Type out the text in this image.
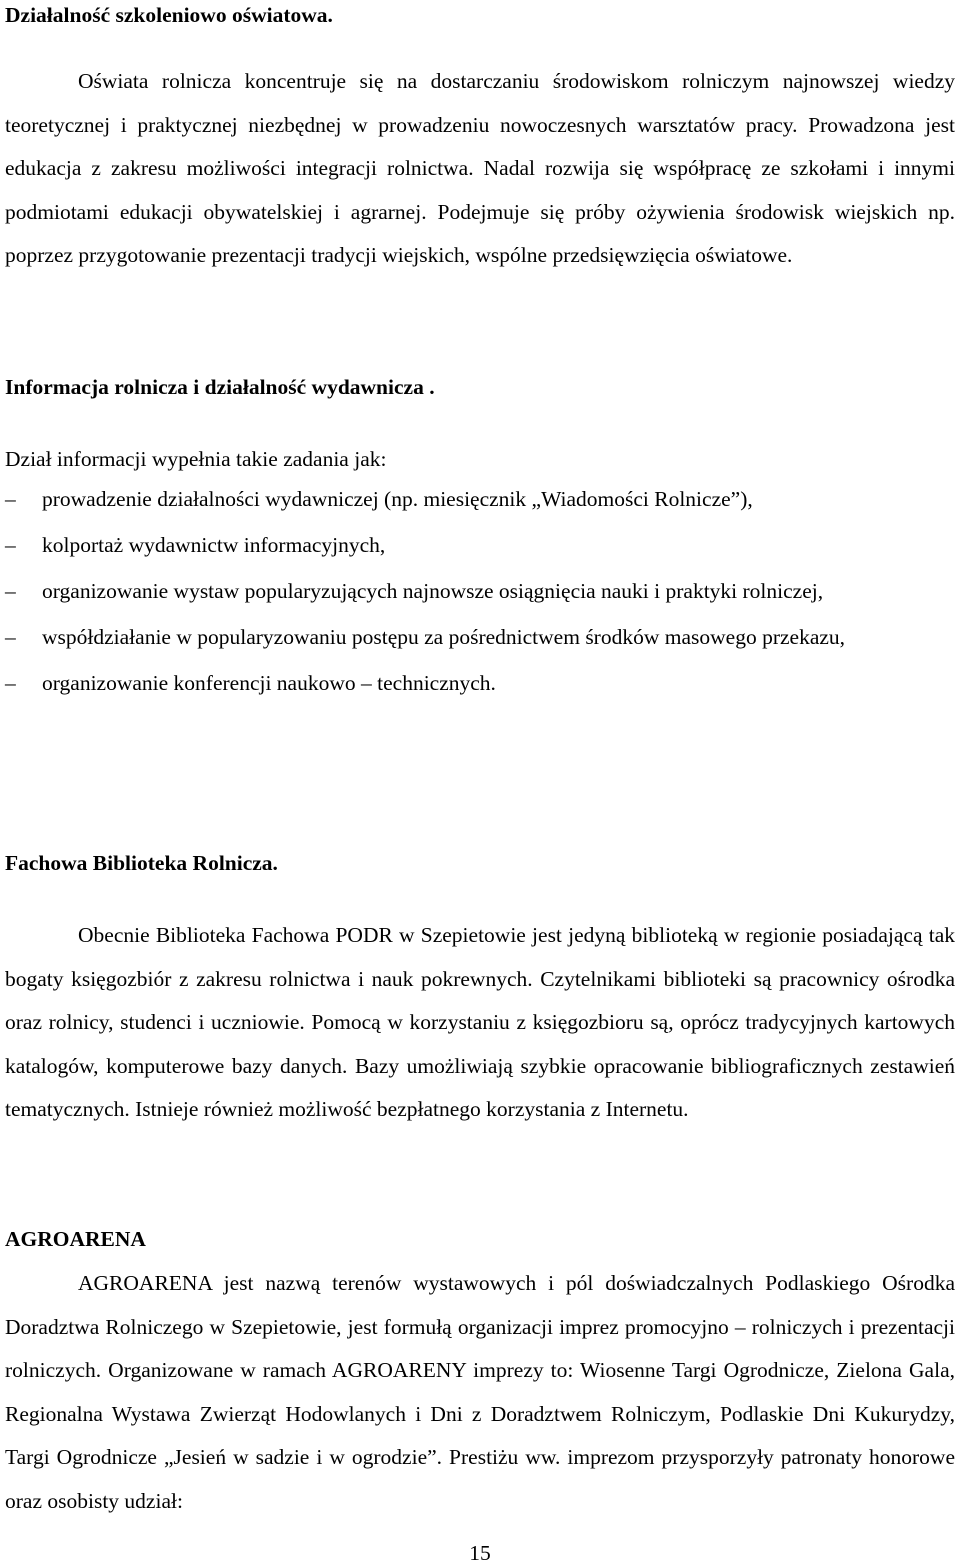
Działalność szkoleniowo oświatowa.

Oświata rolnicza koncentruje się na dostarczaniu środowiskom rolniczym najnowszej wiedzy teoretycznej i praktycznej niezbędnej w prowadzeniu nowoczesnych warsztatów pracy. Prowadzona jest edukacja z zakresu możliwości integracji rolnictwa. Nadal rozwija się współpracę ze szkołami i innymi podmiotami edukacji obywatelskiej i agrarnej. Podejmuje się próby ożywienia środowisk wiejskich np. poprzez przygotowanie prezentacji tradycji wiejskich, wspólne przedsięwzięcia oświatowe.

Informacja rolnicza i działalność wydawnicza .

Dział informacji wypełnia takie zadania jak:

– prowadzenie działalności wydawniczej (np. miesięcznik „Wiadomości Rolnicze”),
– kolportaż wydawnictw informacyjnych,
– organizowanie wystaw popularyzujących najnowsze osiągnięcia nauki i praktyki rolniczej,
– współdziałanie w popularyzowaniu postępu za pośrednictwem środków masowego przekazu,
– organizowanie konferencji naukowo – technicznych.
Fachowa Biblioteka Rolnicza.

Obecnie Biblioteka Fachowa PODR w Szepietowie jest jedyną biblioteką w regionie posiadającą tak bogaty księgozbiór z zakresu rolnictwa i nauk pokrewnych. Czytelnikami biblioteki są pracownicy ośrodka oraz rolnicy, studenci i uczniowie. Pomocą w korzystaniu z księgozbioru są, oprócz tradycyjnych kartowych katalogów, komputerowe bazy danych. Bazy umożliwiają szybkie opracowanie bibliograficznych zestawień tematycznych. Istnieje również możliwość bezpłatnego korzystania z Internetu.

AGROARENA

AGROARENA jest nazwą terenów wystawowych i pól doświadczalnych Podlaskiego Ośrodka Doradztwa Rolniczego w Szepietowie, jest formułą organizacji imprez promocyjno – rolniczych i prezentacji rolniczych. Organizowane w ramach AGROARENY imprezy to: Wiosenne Targi Ogrodnicze, Zielona Gala, Regionalna Wystawa Zwierząt Hodowlanych i Dni z Doradztwem Rolniczym, Podlaskie Dni Kukurydzy, Targi Ogrodnicze „Jesień w sadzie i w ogrodzie”. Prestiżu ww. imprezom przysporzyły patronaty honorowe oraz osobisty udział:

15
